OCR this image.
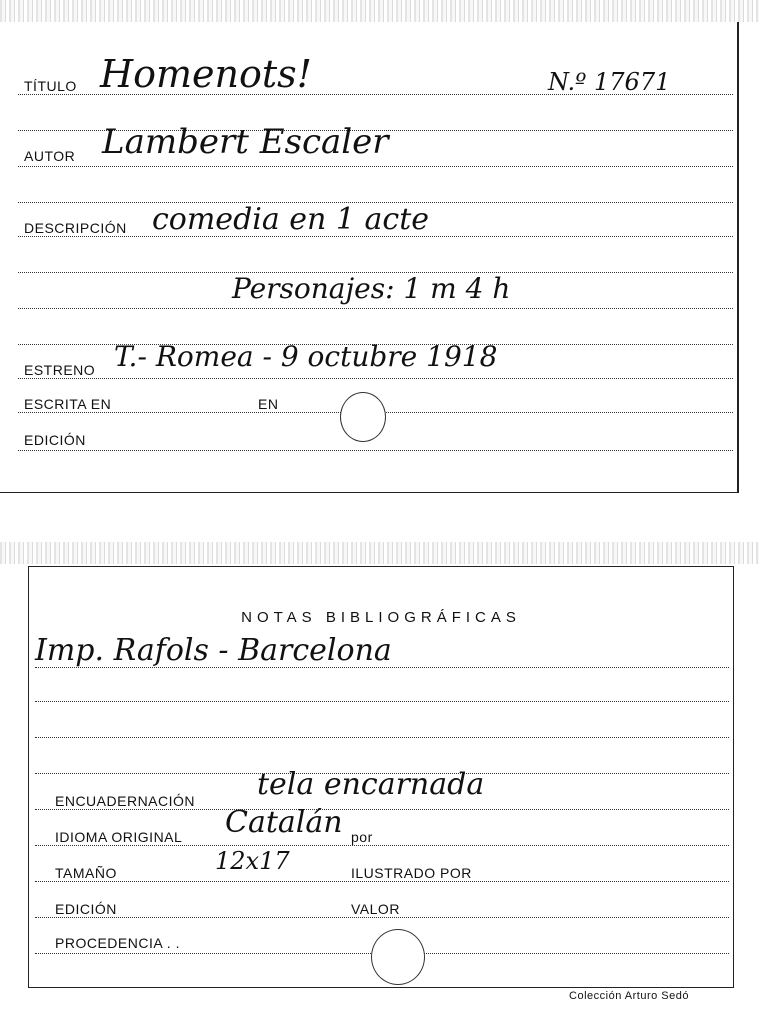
TÍTULO Homenots!	N.º 17671
AUTOR Lambert Escaler
DESCRIPCIÓN comedia en 1 acte
Personajes: 1 m 4 h
ESTRENO T.- Romea - 9 octubre 1918
ESCRITA EN	EN
EDICIÓN
NOTAS BIBLIOGRÁFICAS
Imp. Rafols - Barcelona
ENCUADERNACIÓN tela encarnada
IDIOMA ORIGINAL Catalán por
TAMAÑO	12x17	ILUSTRADO POR
EDICIÓN	VALOR
PROCEDENCIA . .
Colección Arturo Sedó
